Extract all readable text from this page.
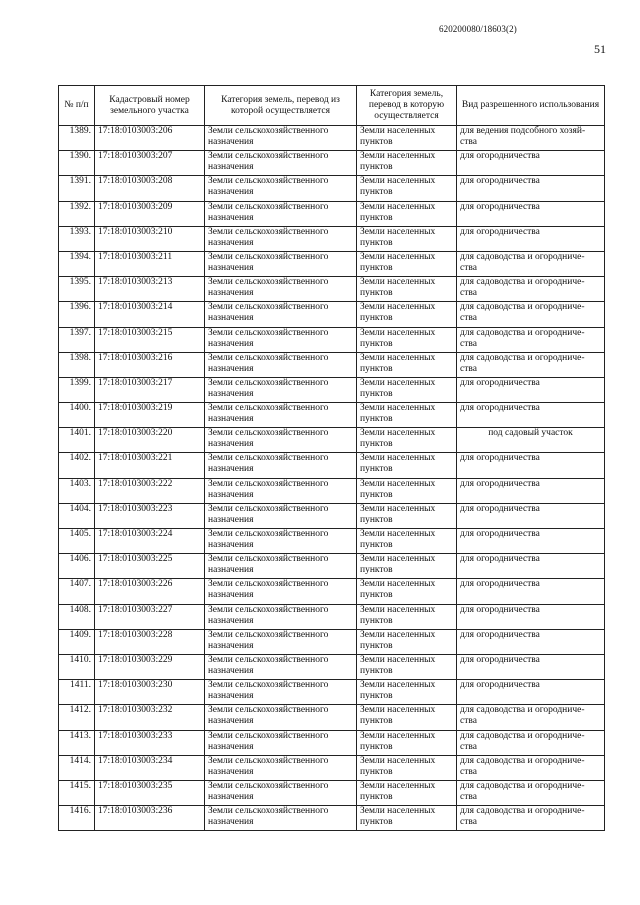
620200080/18603(2)
51
№ п/п	Кадастровый номер земельного участка	Категория земель, перевод из которой осуществляется	Категория земель, перевод в которую осуществляется	Вид разрешенного использования
1389.	17:18:0103003:206	Земли сельскохозяйственного назначения	Земли населенных пунктов	для ведения подсобного хозяй-ства
1390.	17:18:0103003:207	Земли сельскохозяйственного назначения	Земли населенных пунктов	для огородничества
1391.	17:18:0103003:208	Земли сельскохозяйственного назначения	Земли населенных пунктов	для огородничества
1392.	17:18:0103003:209	Земли сельскохозяйственного назначения	Земли населенных пунктов	для огородничества
1393.	17:18:0103003:210	Земли сельскохозяйственного назначения	Земли населенных пунктов	для огородничества
1394.	17:18:0103003:211	Земли сельскохозяйственного назначения	Земли населенных пунктов	для садоводства и огородниче-ства
1395.	17:18:0103003:213	Земли сельскохозяйственного назначения	Земли населенных пунктов	для садоводства и огородниче-ства
1396.	17:18:0103003:214	Земли сельскохозяйственного назначения	Земли населенных пунктов	для садоводства и огородниче-ства
1397.	17:18:0103003:215	Земли сельскохозяйственного назначения	Земли населенных пунктов	для садоводства и огородниче-ства
1398.	17:18:0103003:216	Земли сельскохозяйственного назначения	Земли населенных пунктов	для садоводства и огородниче-ства
1399.	17:18:0103003:217	Земли сельскохозяйственного назначения	Земли населенных пунктов	для огородничества
1400.	17:18:0103003:219	Земли сельскохозяйственного назначения	Земли населенных пунктов	для огородничества
1401.	17:18:0103003:220	Земли сельскохозяйственного назначения	Земли населенных пунктов	под садовый участок
1402.	17:18:0103003:221	Земли сельскохозяйственного назначения	Земли населенных пунктов	для огородничества
1403.	17:18:0103003:222	Земли сельскохозяйственного назначения	Земли населенных пунктов	для огородничества
1404.	17:18:0103003:223	Земли сельскохозяйственного назначения	Земли населенных пунктов	для огородничества
1405.	17:18:0103003:224	Земли сельскохозяйственного назначения	Земли населенных пунктов	для огородничества
1406.	17:18:0103003:225	Земли сельскохозяйственного назначения	Земли населенных пунктов	для огородничества
1407.	17:18:0103003:226	Земли сельскохозяйственного назначения	Земли населенных пунктов	для огородничества
1408.	17:18:0103003:227	Земли сельскохозяйственного назначения	Земли населенных пунктов	для огородничества
1409.	17:18:0103003:228	Земли сельскохозяйственного назначения	Земли населенных пунктов	для огородничества
1410.	17:18:0103003:229	Земли сельскохозяйственного назначения	Земли населенных пунктов	для огородничества
1411.	17:18:0103003:230	Земли сельскохозяйственного назначения	Земли населенных пунктов	для огородничества
1412.	17:18:0103003:232	Земли сельскохозяйственного назначения	Земли населенных пунктов	для садоводства и огородниче-ства
1413.	17:18:0103003:233	Земли сельскохозяйственного назначения	Земли населенных пунктов	для садоводства и огородниче-ства
1414.	17:18:0103003:234	Земли сельскохозяйственного назначения	Земли населенных пунктов	для садоводства и огородниче-ства
1415.	17:18:0103003:235	Земли сельскохозяйственного назначения	Земли населенных пунктов	для садоводства и огородниче-ства
1416.	17:18:0103003:236	Земли сельскохозяйственного назначения	Земли населенных пунктов	для садоводства и огородниче-ства
